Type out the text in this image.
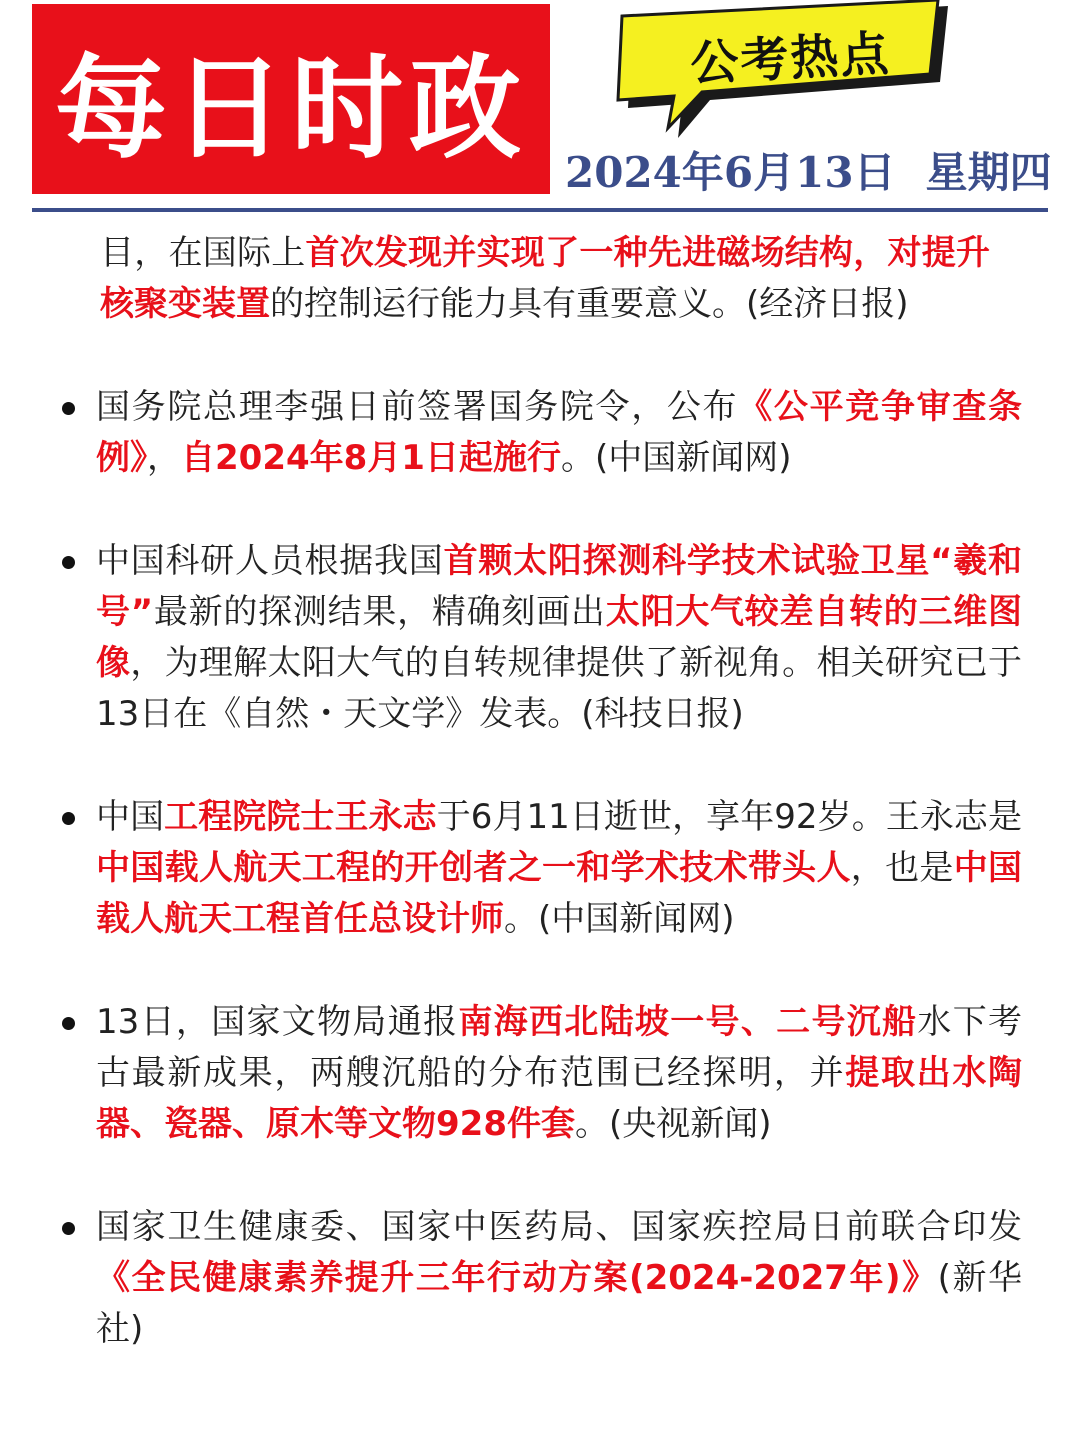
每日时政	公考热点
2024年6月13日 星期四
目，在国际上首次发现并实现了一种先进磁场结构，对提升核聚变装置的控制运行能力具有重要意义。(经济日报)
国务院总理李强日前签署国务院令，公布《公平竞争审查条例》，自2024年8月1日起施行。(中国新闻网)
中国科研人员根据我国首颗太阳探测科学技术试验卫星“羲和号”最新的探测结果，精确刻画出太阳大气较差自转的三维图像，为理解太阳大气的自转规律提供了新视角。相关研究已于13日在《自然・天文学》发表。(科技日报)
中国工程院院士王永志于6月11日逝世，享年92岁。王永志是中国载人航天工程的开创者之一和学术技术带头人，也是中国载人航天工程首任总设计师。(中国新闻网)
13日，国家文物局通报南海西北陆坡一号、二号沉船水下考古最新成果，两艘沉船的分布范围已经探明，并提取出水陶器、瓷器、原木等文物928件套。(央视新闻)
国家卫生健康委、国家中医药局、国家疾控局日前联合印发《全民健康素养提升三年行动方案(2024-2027年)》(新华社)
